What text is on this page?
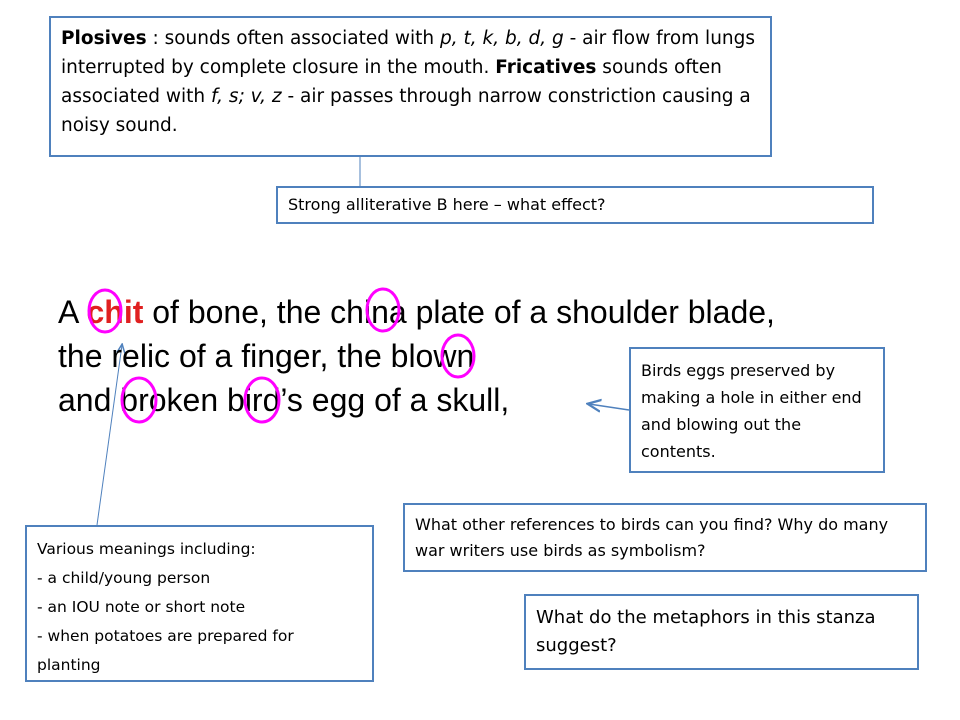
Plosives : sounds often associated with p, t, k, b, d, g - air flow from lungs interrupted by complete closure in the mouth. Fricatives sounds often associated with f, s; v, z - air passes through narrow constriction causing a noisy sound.

Strong alliterative B here – what effect?

A chit of bone, the china plate of a shoulder blade,
the relic of a finger, the blown
and broken bird’s egg of a skull,

Birds eggs preserved by making a hole in either end and blowing out the contents.

What other references to birds can you find? Why do many war writers use birds as symbolism?

What do the metaphors in this stanza suggest?

Various meanings including:

- a child/young person

- an IOU note or short note

- when potatoes are prepared for planting
